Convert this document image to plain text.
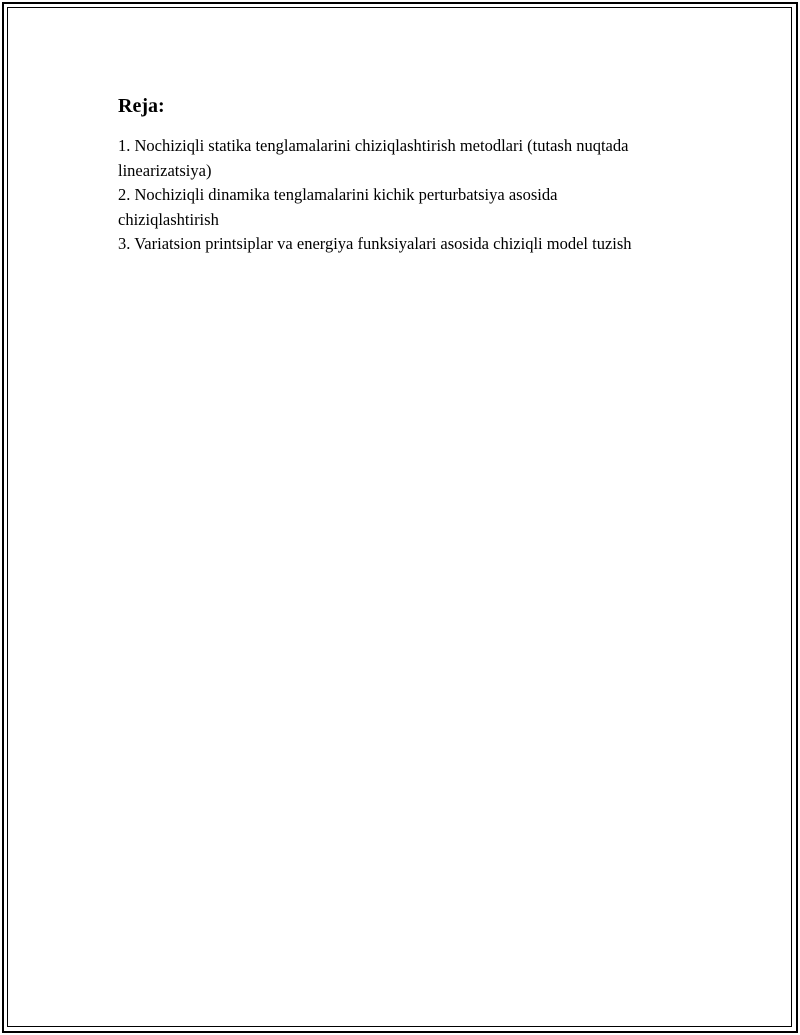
Reja:
1. Nochiziqli statika tenglamalarini chiziqlashtirish metodlari (tutash nuqtada linearizatsiya)
2. Nochiziqli dinamika tenglamalarini kichik perturbatsiya asosida chiziqlashtirish
3. Variatsion printsiplar va energiya funksiyalari asosida chiziqli model tuzish
